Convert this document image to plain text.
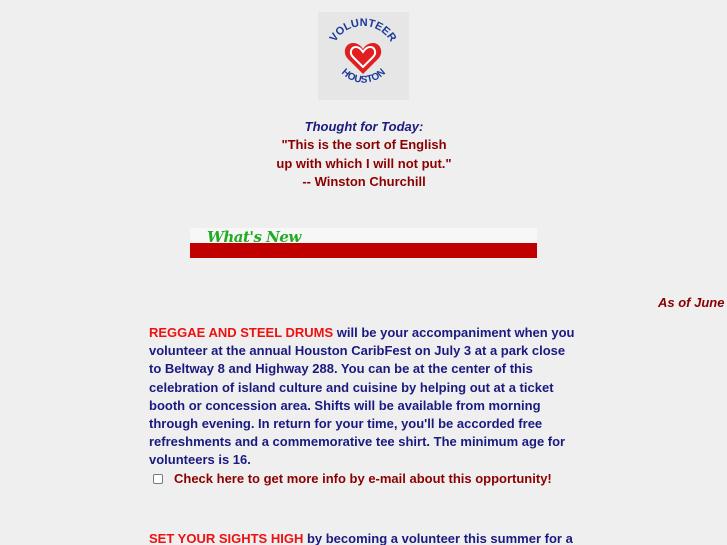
VOLUNTEER
HOUSTON
Thought for Today:
"This is the sort of English
up with which I will not put."
-- Winston Churchill
What's New
As of June
REGGAE AND STEEL DRUMS will be your accompaniment when you volunteer at the annual Houston CaribFest on July 3 at a park close to Beltway 8 and Highway 288. You can be at the center of this celebration of island culture and cuisine by helping out at a ticket booth or concession area. Shifts will be available from morning through evening. In return for your time, you'll be accorded free refreshments and a commemorative tee shirt. The minimum age for volunteers is 16.
Check here to get more info by e-mail about this opportunity!
SET YOUR SIGHTS HIGH by becoming a volunteer this summer for a
